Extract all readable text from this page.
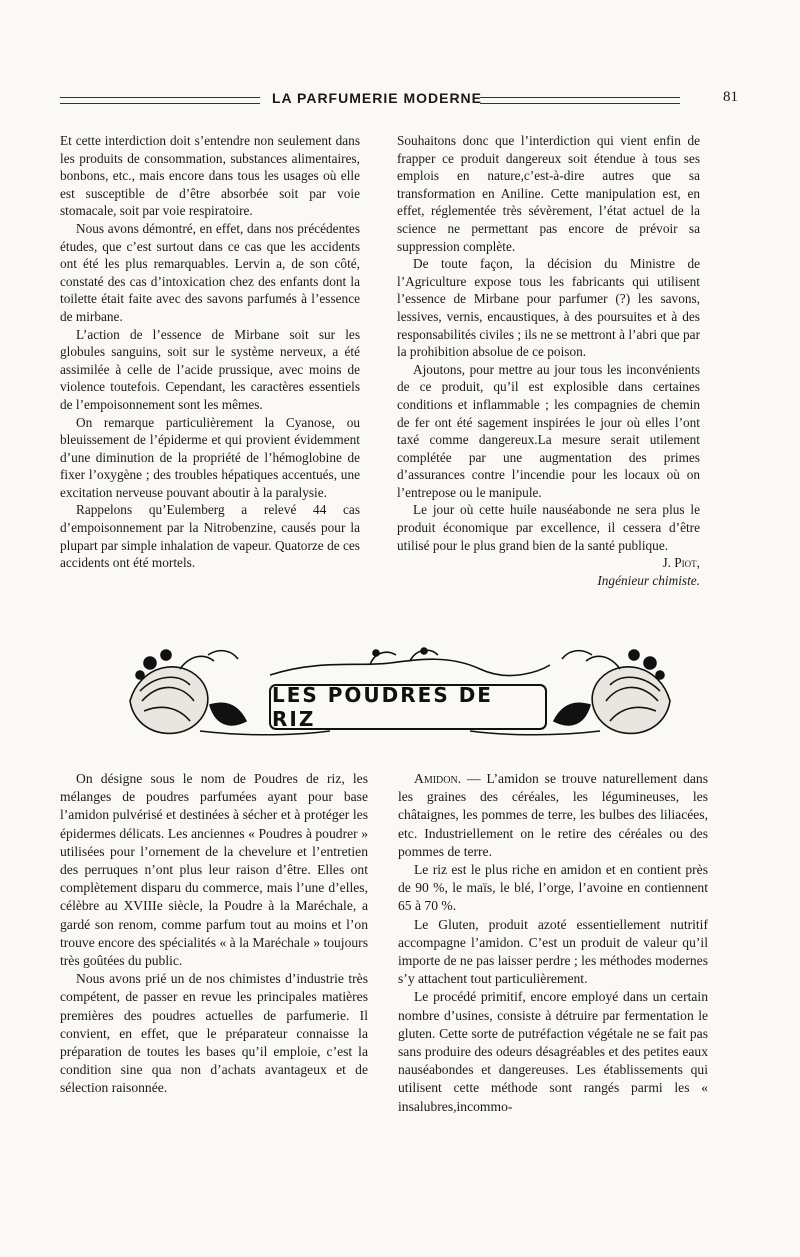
LA PARFUMERIE MODERNE	81

Et cette interdiction doit s’entendre non seulement dans les produits de consommation, substances alimentaires, bonbons, etc., mais encore dans tous les usages où elle est susceptible de d’être absorbée soit par voie stomacale, soit par voie respiratoire.

Nous avons démontré, en effet, dans nos précédentes études, que c’est surtout dans ce cas que les accidents ont été les plus remarquables. Lervin a, de son côté, constaté des cas d’intoxication chez des enfants dont la toilette était faite avec des savons parfumés à l’essence de mirbane.

L’action de l’essence de Mirbane soit sur les globules sanguins, soit sur le système nerveux, a été assimilée à celle de l’acide prussique, avec moins de violence toutefois. Cependant, les caractères essentiels de l’empoisonnement sont les mêmes.

On remarque particulièrement la Cyanose, ou bleuissement de l’épiderme et qui provient évidemment d’une diminution de la propriété de l’hémoglobine de fixer l’oxygène ; des troubles hépatiques accentués, une excitation nerveuse pouvant aboutir à la paralysie.

Rappelons qu’Eulemberg a relevé 44 cas d’empoisonnement par la Nitrobenzine, causés pour la plupart par simple inhalation de vapeur. Quatorze de ces accidents ont été mortels.

Souhaitons donc que l’interdiction qui vient enfin de frapper ce produit dangereux soit étendue à tous ses emplois en nature,c’est-à-dire autres que sa transformation en Aniline. Cette manipulation est, en effet, réglementée très sévèrement, l’état actuel de la science ne permettant pas encore de prévoir sa suppression complète.

De toute façon, la décision du Ministre de l’Agriculture expose tous les fabricants qui utilisent l’essence de Mirbane pour parfumer (?) les savons, lessives, vernis, encaustiques, à des poursuites et à des responsabilités civiles ; ils ne se mettront à l’abri que par la prohibition absolue de ce poison.

Ajoutons, pour mettre au jour tous les inconvénients de ce produit, qu’il est explosible dans certaines conditions et inflammable ; les compagnies de chemin de fer ont été sagement inspirées le jour où elles l’ont taxé comme dangereux.La mesure serait utilement complétée par une augmentation des primes d’assurances contre l’incendie pour les locaux où on l’entrepose ou le manipule.

Le jour où cette huile nauséabonde ne sera plus le produit économique par excellence, il cessera d’être utilisé pour le plus grand bien de la santé publique.

J. Piot,
Ingénieur chimiste.
LES POUDRES DE RIZ

On désigne sous le nom de Poudres de riz, les mélanges de poudres parfumées ayant pour base l’amidon pulvérisé et destinées à sécher et à protéger les épidermes délicats. Les anciennes « Poudres à poudrer » utilisées pour l’ornement de la chevelure et l’entretien des perruques n’ont plus leur raison d’être. Elles ont complètement disparu du commerce, mais l’une d’elles, célèbre au XVIIIe siècle, la Poudre à la Maréchale, a gardé son renom, comme parfum tout au moins et l’on trouve encore des spécialités « à la Maréchale » toujours très goûtées du public.

Nous avons prié un de nos chimistes d’industrie très compétent, de passer en revue les principales matières premières des poudres actuelles de parfumerie. Il convient, en effet, que le préparateur connaisse la préparation de toutes les bases qu’il emploie, c’est la condition sine qua non d’achats avantageux et de sélection raisonnée.

Amidon. — L’amidon se trouve naturellement dans les graines des céréales, les légumineuses, les châtaignes, les pommes de terre, les bulbes des liliacées, etc. Industriellement on le retire des céréales ou des pommes de terre.

Le riz est le plus riche en amidon et en contient près de 90 %, le maïs, le blé, l’orge, l’avoine en contiennent 65 à 70 %.

Le Gluten, produit azoté essentiellement nutritif accompagne l’amidon. C’est un produit de valeur qu’il importe de ne pas laisser perdre ; les méthodes modernes s’y attachent tout particulièrement.

Le procédé primitif, encore employé dans un certain nombre d’usines, consiste à détruire par fermentation le gluten. Cette sorte de putréfaction végétale ne se fait pas sans produire des odeurs désagréables et des petites eaux nauséabondes et dangereuses. Les établissements qui utilisent cette méthode sont rangés parmi les « insalubres,incommo-
